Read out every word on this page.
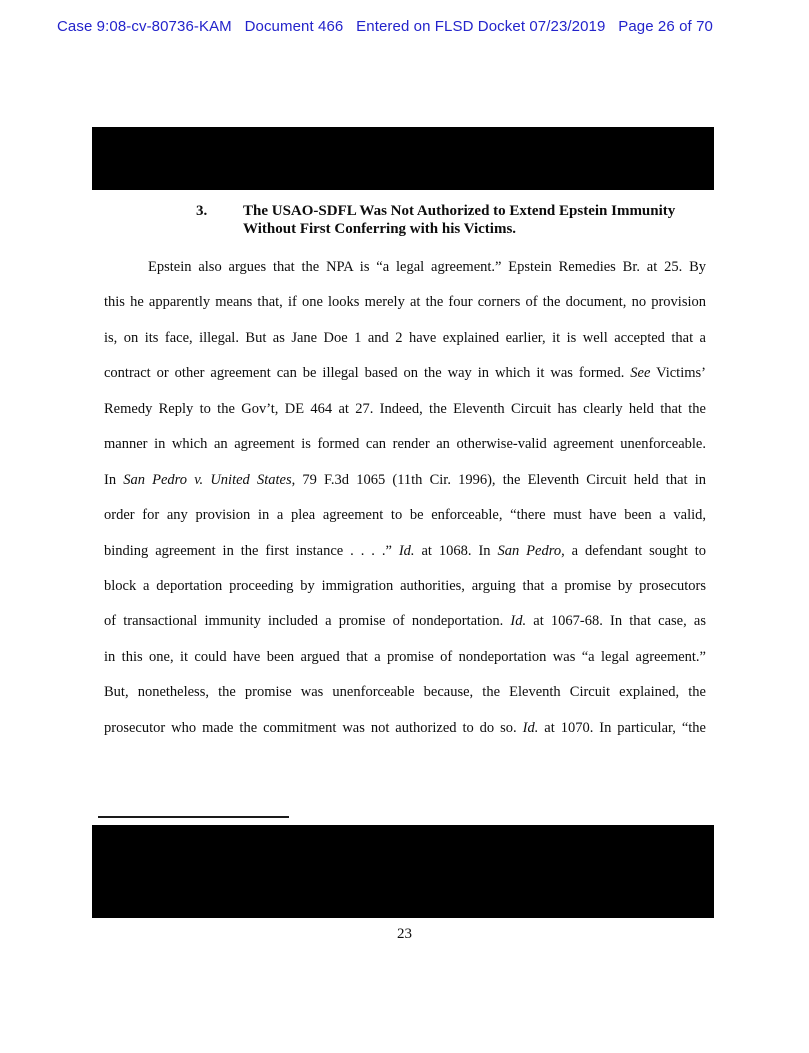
Case 9:08-cv-80736-KAM   Document 466   Entered on FLSD Docket 07/23/2019   Page 26 of 70
3. The USAO-SDFL Was Not Authorized to Extend Epstein Immunity
Without First Conferring with his Victims.
Epstein also argues that the NPA is “a legal agreement.” Epstein Remedies Br. at 25. By
this he apparently means that, if one looks merely at the four corners of the document, no provision
is, on its face, illegal. But as Jane Doe 1 and 2 have explained earlier, it is well accepted that a
contract or other agreement can be illegal based on the way in which it was formed. See Victims’
Remedy Reply to the Gov’t, DE 464 at 27. Indeed, the Eleventh Circuit has clearly held that the
manner in which an agreement is formed can render an otherwise-valid agreement unenforceable.
In San Pedro v. United States, 79 F.3d 1065 (11th Cir. 1996), the Eleventh Circuit held that in
order for any provision in a plea agreement to be enforceable, “there must have been a valid,
binding agreement in the first instance . . . .” Id. at 1068. In San Pedro, a defendant sought to
block a deportation proceeding by immigration authorities, arguing that a promise by prosecutors
of transactional immunity included a promise of nondeportation. Id. at 1067-68. In that case, as
in this one, it could have been argued that a promise of nondeportation was “a legal agreement.”
But, nonetheless, the promise was unenforceable because, the Eleventh Circuit explained, the
prosecutor who made the commitment was not authorized to do so. Id. at 1070. In particular, “the
23
